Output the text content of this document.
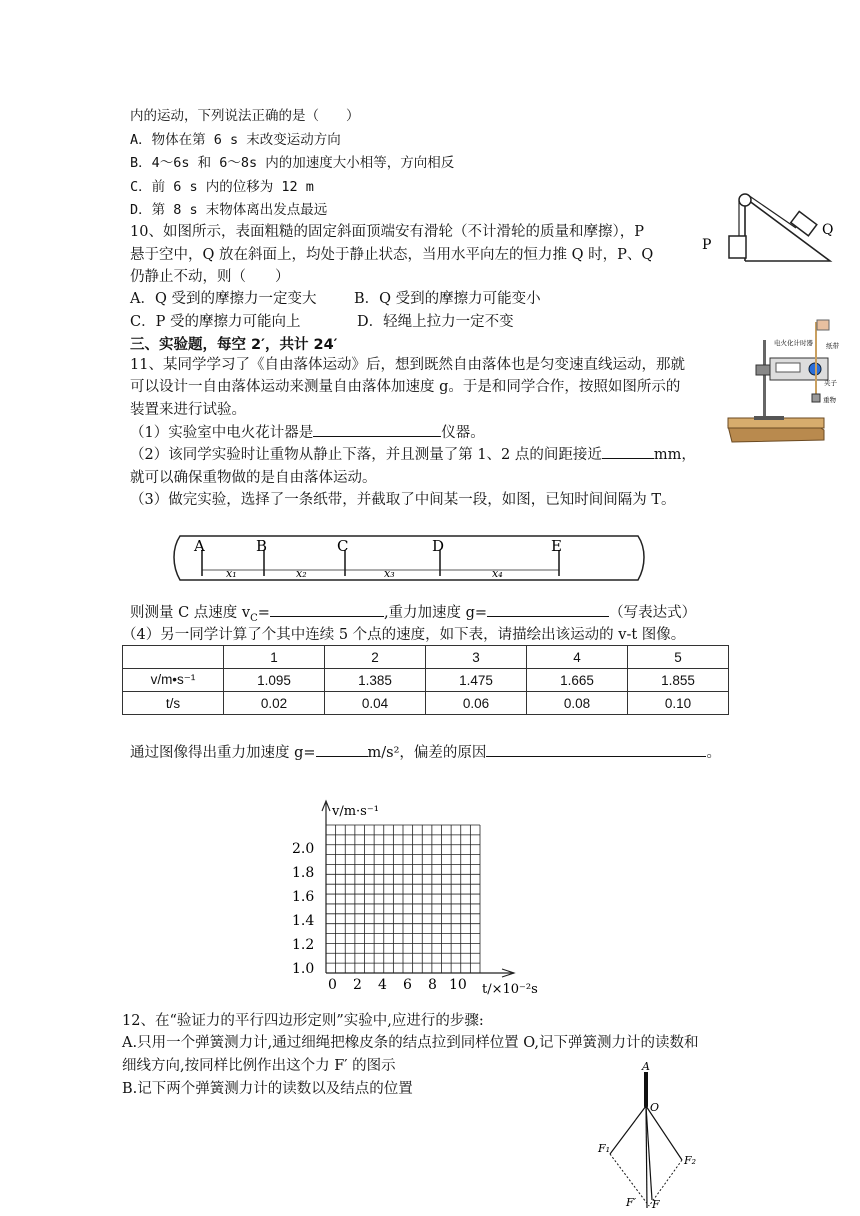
内的运动，下列说法正确的是（　　）
A．物体在第 6 s 末改变运动方向
B．4～6s 和 6～8s 内的加速度大小相等，方向相反
C．前 6 s 内的位移为 12 m
D．第 8 s 末物体离出发点最远
10、如图所示，表面粗糙的固定斜面顶端安有滑轮（不计滑轮的质量和摩擦），P
悬于空中，Q 放在斜面上，均处于静止状态，当用水平向左的恒力推 Q 时，P、Q
仍静止不动，则（　　）
A．Q 受到的摩擦力一定变大	B．Q 受到的摩擦力可能变小
C．P 受的摩擦力可能向上	D．轻绳上拉力一定不变
P
Q
三、实验题，每空 2′，共计 24′
11、某同学学习了《自由落体运动》后，想到既然自由落体也是匀变速直线运动，那就
可以设计一自由落体运动来测量自由落体加速度 g。于是和同学合作，按照如图所示的
装置来进行试验。
（1）实验室中电火花计器是	仪器。
（2）该同学实验时让重物从静止下落，并且测量了第 1、2 点的间距接近	mm，
就可以确保重物做的是自由落体运动。
（3）做完实验，选择了一条纸带，并截取了中间某一段，如图，已知时间间隔为 T。
电火化计时器 纸带
夹子
重物
A	B	C	D	E
x₁	x₂	x₃	x₄
则测量 C 点速度 $v_C=$	,重力加速度 g=	（写表达式）
（4）另一同学计算了个其中连续 5 个点的速度，如下表，请描绘出该运动的 v-t 图像。
	1	2	3	4	5
v/m•s⁻¹	1.095	1.385	1.475	1.665	1.855
t/s	0.02	0.04	0.06	0.08	0.10
通过图像得出重力加速度 g=	m/s²，偏差的原因	。
v/m·s⁻¹
t/×10⁻²s
2.0
1.8
1.6
1.4
1.2
1.0
0 2 4 6 8 10
12、在“验证力的平行四边形定则”实验中,应进行的步骤:
A.只用一个弹簧测力计,通过细绳把橡皮条的结点拉到同样位置 O,记下弹簧测力计的读数和
细线方向,按同样比例作出这个力 F′ 的图示
B.记下两个弹簧测力计的读数以及结点的位置
A
O
F₁
F₂
F′ F
